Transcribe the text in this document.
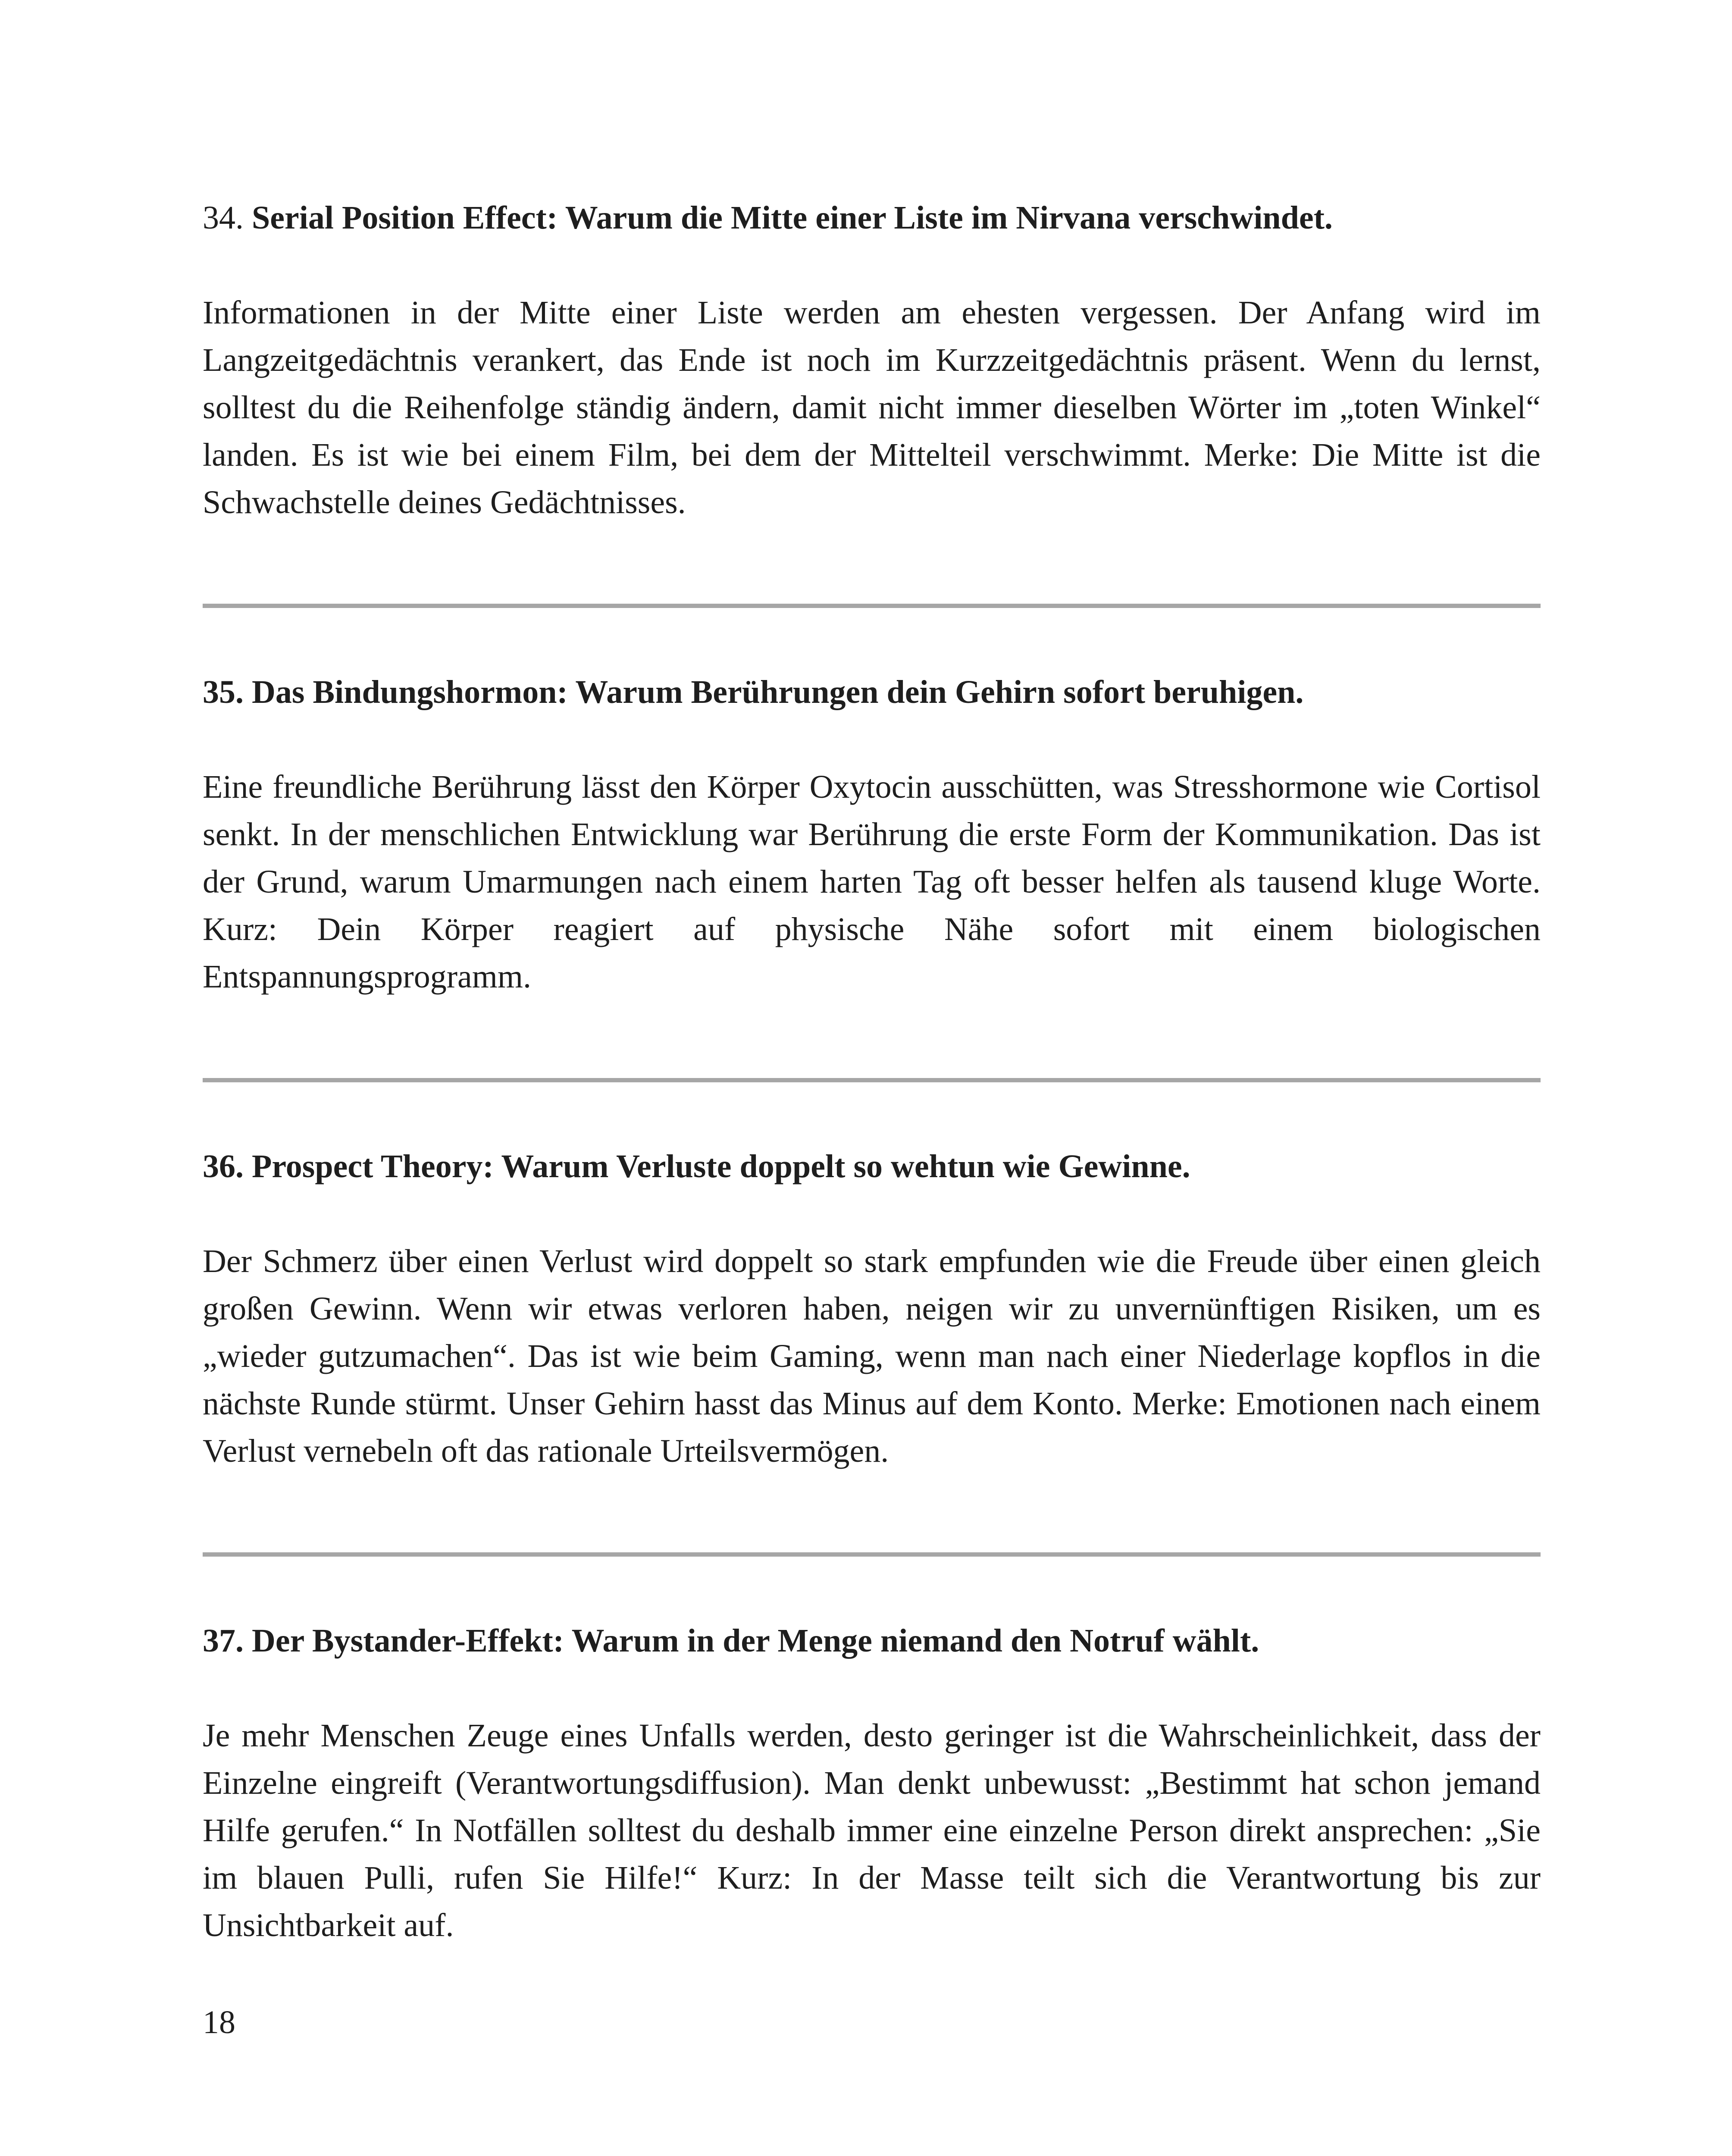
34. Serial Position Effect: Warum die Mitte einer Liste im Nirvana verschwindet.

Informationen in der Mitte einer Liste werden am ehesten vergessen. Der Anfang wird im Langzeitgedächtnis verankert, das Ende ist noch im Kurzzeitgedächtnis präsent. Wenn du lernst, solltest du die Reihenfolge ständig ändern, damit nicht immer dieselben Wörter im „toten Winkel“ landen. Es ist wie bei einem Film, bei dem der Mittelteil verschwimmt. Merke: Die Mitte ist die Schwachstelle deines Gedächtnisses.

35. Das Bindungshormon: Warum Berührungen dein Gehirn sofort beruhigen.

Eine freundliche Berührung lässt den Körper Oxytocin ausschütten, was Stresshormone wie Cortisol senkt. In der menschlichen Entwicklung war Berührung die erste Form der Kommunikation. Das ist der Grund, warum Umarmungen nach einem harten Tag oft besser helfen als tausend kluge Worte. Kurz: Dein Körper reagiert auf physische Nähe sofort mit einem biologischen Entspannungsprogramm.

36. Prospect Theory: Warum Verluste doppelt so wehtun wie Gewinne.

Der Schmerz über einen Verlust wird doppelt so stark empfunden wie die Freude über einen gleich großen Gewinn. Wenn wir etwas verloren haben, neigen wir zu unvernünftigen Risiken, um es „wieder gutzumachen“. Das ist wie beim Gaming, wenn man nach einer Niederlage kopflos in die nächste Runde stürmt. Unser Gehirn hasst das Minus auf dem Konto. Merke: Emotionen nach einem Verlust vernebeln oft das rationale Urteilsvermögen.

37. Der Bystander-Effekt: Warum in der Menge niemand den Notruf wählt.

Je mehr Menschen Zeuge eines Unfalls werden, desto geringer ist die Wahrscheinlichkeit, dass der Einzelne eingreift (Verantwortungsdiffusion). Man denkt unbewusst: „Bestimmt hat schon jemand Hilfe gerufen.“ In Notfällen solltest du deshalb immer eine einzelne Person direkt ansprechen: „Sie im blauen Pulli, rufen Sie Hilfe!“ Kurz: In der Masse teilt sich die Verantwortung bis zur Unsichtbarkeit auf.

18
